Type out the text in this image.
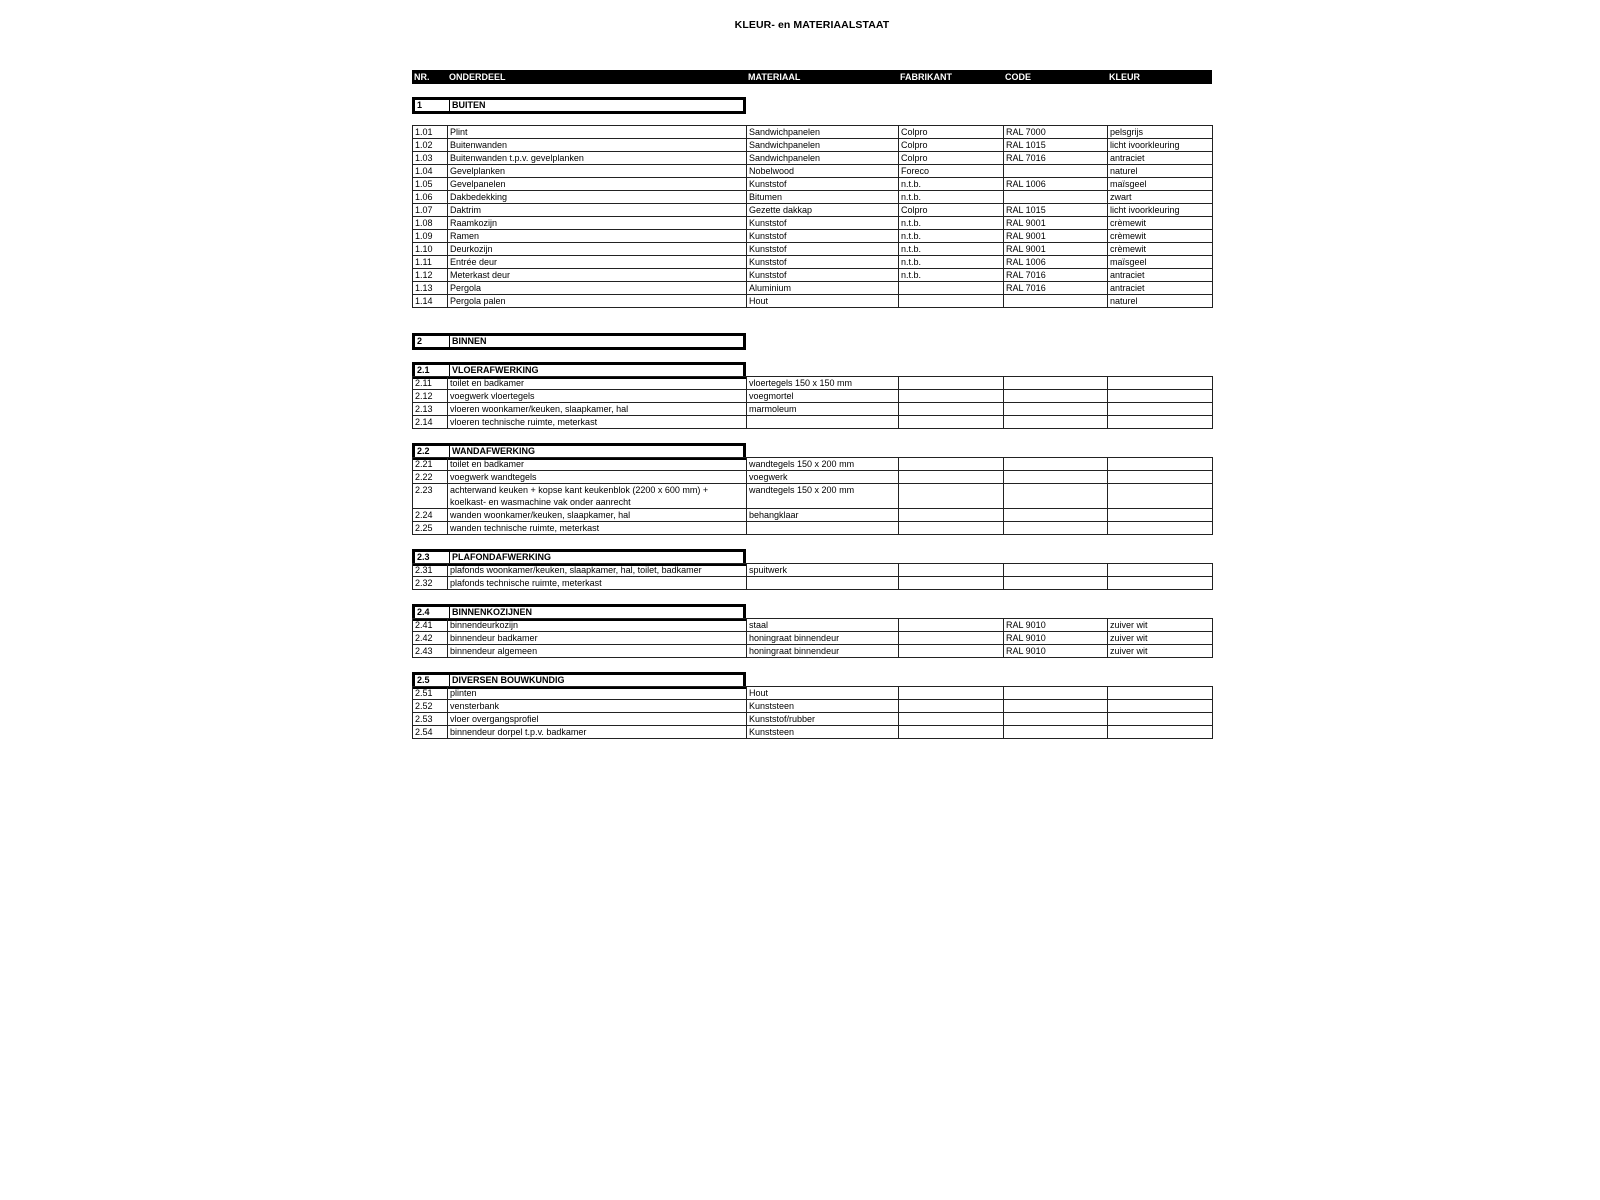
KLEUR- en MATERIAALSTAAT
NR.	ONDERDEEL	MATERIAAL	FABRIKANT	CODE	KLEUR
1	BUITEN
1.01	Plint	Sandwichpanelen	Colpro	RAL 7000	pelsgrijs
1.02	Buitenwanden	Sandwichpanelen	Colpro	RAL 1015	licht ivoorkleuring
1.03	Buitenwanden t.p.v. gevelplanken	Sandwichpanelen	Colpro	RAL 7016	antraciet
1.04	Gevelplanken	Nobelwood	Foreco		naturel
1.05	Gevelpanelen	Kunststof	n.t.b.	RAL 1006	maïsgeel
1.06	Dakbedekking	Bitumen	n.t.b.		zwart
1.07	Daktrim	Gezette dakkap	Colpro	RAL 1015	licht ivoorkleuring
1.08	Raamkozijn	Kunststof	n.t.b.	RAL 9001	crèmewit
1.09	Ramen	Kunststof	n.t.b.	RAL 9001	crèmewit
1.10	Deurkozijn	Kunststof	n.t.b.	RAL 9001	crèmewit
1.11	Entrée deur	Kunststof	n.t.b.	RAL 1006	maïsgeel
1.12	Meterkast deur	Kunststof	n.t.b.	RAL 7016	antraciet
1.13	Pergola	Aluminium		RAL 7016	antraciet
1.14	Pergola palen	Hout			naturel
2	BINNEN
2.1	VLOERAFWERKING
2.11	toilet en badkamer	vloertegels 150 x 150 mm			
2.12	voegwerk vloertegels	voegmortel			
2.13	vloeren woonkamer/keuken, slaapkamer, hal	marmoleum			
2.14	vloeren technische ruimte, meterkast				
2.2	WANDAFWERKING
2.21	toilet en badkamer	wandtegels 150 x 200 mm			
2.22	voegwerk wandtegels	voegwerk			
2.23	achterwand keuken + kopse kant keukenblok (2200 x 600 mm) + koelkast- en wasmachine vak onder aanrecht	wandtegels 150 x 200 mm			
2.24	wanden woonkamer/keuken, slaapkamer, hal	behangklaar			
2.25	wanden technische ruimte, meterkast				
2.3	PLAFONDAFWERKING
2.31	plafonds woonkamer/keuken, slaapkamer, hal, toilet, badkamer	spuitwerk			
2.32	plafonds technische ruimte, meterkast				
2.4	BINNENKOZIJNEN
2.41	binnendeurkozijn	staal		RAL 9010	zuiver wit
2.42	binnendeur badkamer	honingraat binnendeur		RAL 9010	zuiver wit
2.43	binnendeur algemeen	honingraat binnendeur		RAL 9010	zuiver wit
2.5	DIVERSEN BOUWKUNDIG
2.51	plinten	Hout			
2.52	vensterbank	Kunststeen			
2.53	vloer overgangsprofiel	Kunststof/rubber			
2.54	binnendeur dorpel t.p.v. badkamer	Kunststeen			
